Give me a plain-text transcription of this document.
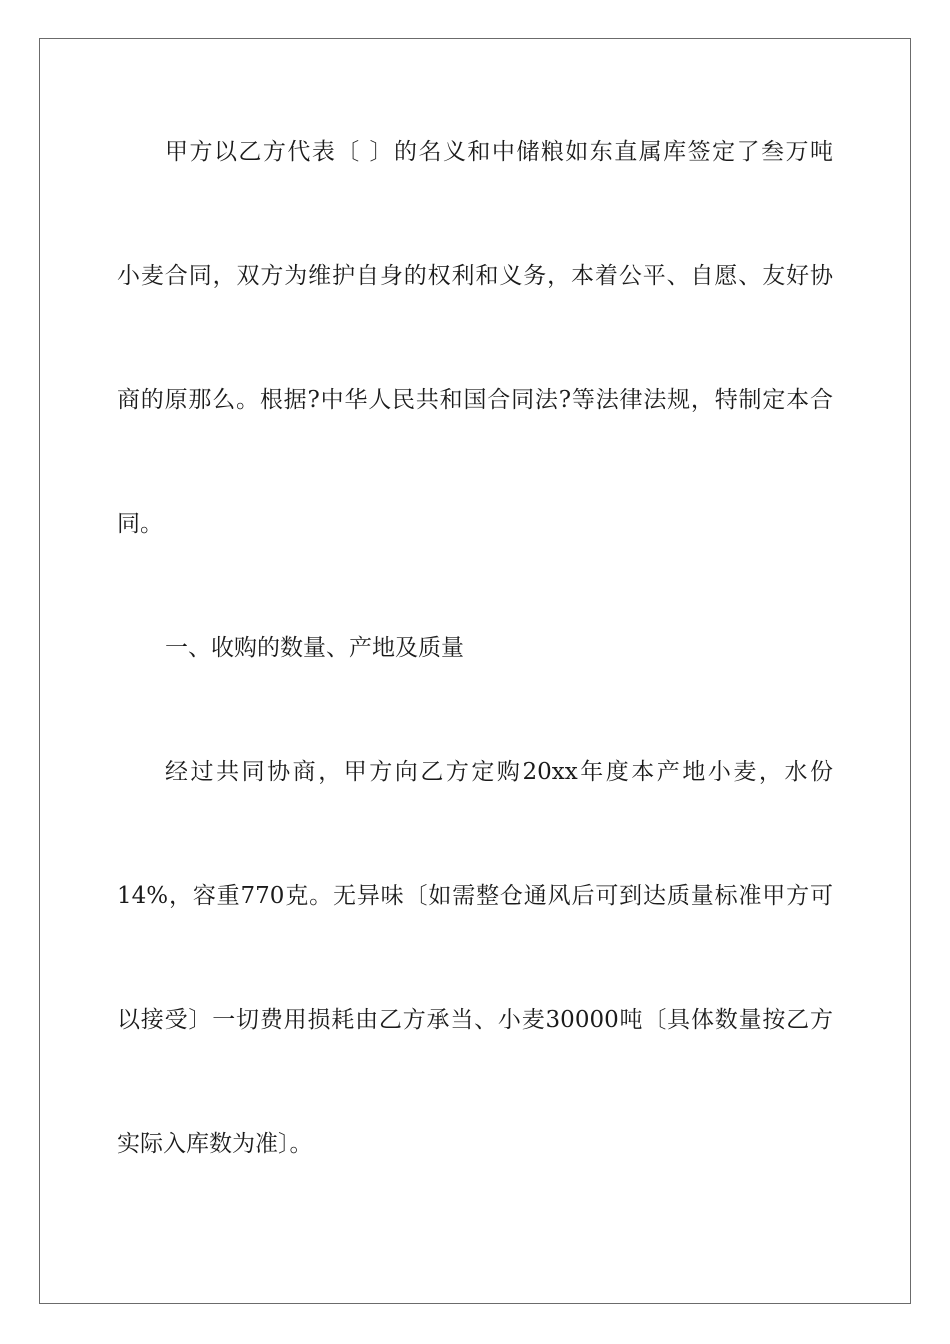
甲方以乙方代表〔 〕的名义和中储粮如东直属库签定了叁万吨
小麦合同，双方为维护自身的权利和义务，本着公平、自愿、友好协
商的原那么。根据?中华人民共和国合同法?等法律法规，特制定本合
同。
一、收购的数量、产地及质量
经过共同协商，甲方向乙方定购20xx年度本产地小麦，水份
14%，容重770克。无异味〔如需整仓通风后可到达质量标准甲方可
以接受〕一切费用损耗由乙方承当、小麦30000吨〔具体数量按乙方
实际入库数为准〕。
